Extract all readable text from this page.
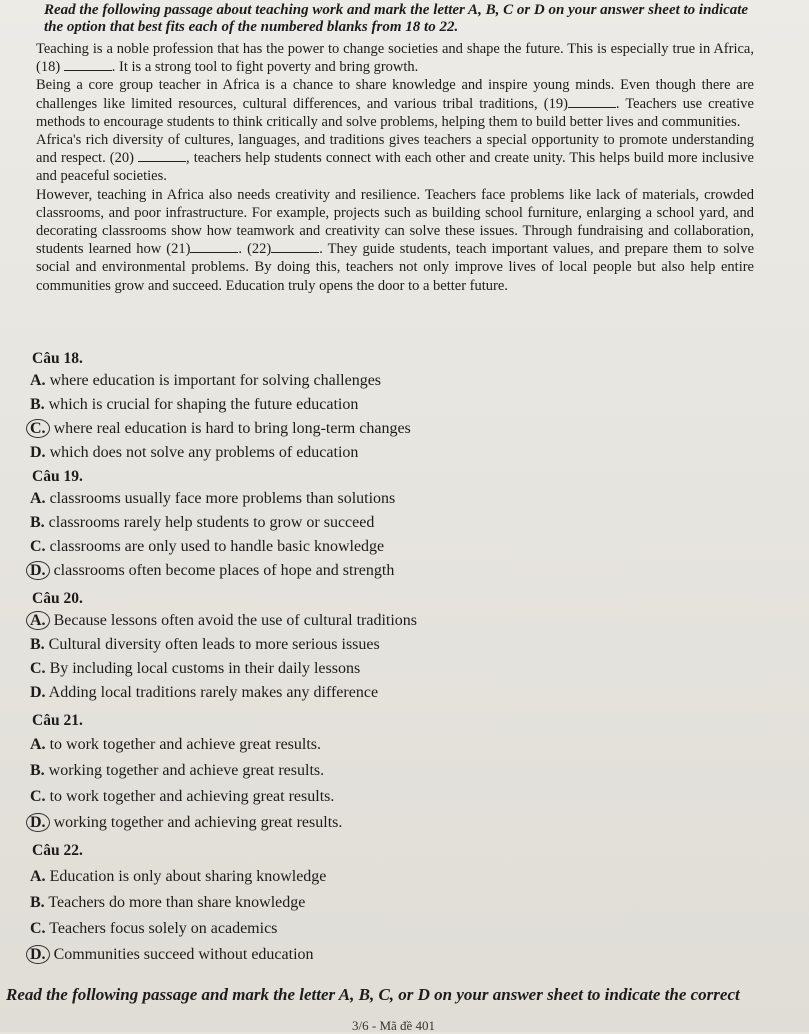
Read the following passage about teaching work and mark the letter A, B, C or D on your answer sheet to indicate the option that best fits each of the numbered blanks from 18 to 22.

Teaching is a noble profession that has the power to change societies and shape the future. This is especially true in Africa, (18)	. It is a strong tool to fight poverty and bring growth.

Being a core group teacher in Africa is a chance to share knowledge and inspire young minds. Even though there are challenges like limited resources, cultural differences, and various tribal traditions, (19)	. Teachers use creative methods to encourage students to think critically and solve problems, helping them to build better lives and communities.

Africa's rich diversity of cultures, languages, and traditions gives teachers a special opportunity to promote understanding and respect. (20)	, teachers help students connect with each other and create unity. This helps build more inclusive and peaceful societies.

However, teaching in Africa also needs creativity and resilience. Teachers face problems like lack of materials, crowded classrooms, and poor infrastructure. For example, projects such as building school furniture, enlarging a school yard, and decorating classrooms show how teamwork and creativity can solve these issues. Through fundraising and collaboration, students learned how (21)	. (22)	. They guide students, teach important values, and prepare them to solve social and environmental problems. By doing this, teachers not only improve lives of local people but also help entire communities grow and succeed. Education truly opens the door to a better future.

Câu 18.
A. where education is important for solving challenges
B. which is crucial for shaping the future education
C. where real education is hard to bring long-term changes
D. which does not solve any problems of education
Câu 19.
A. classrooms usually face more problems than solutions
B. classrooms rarely help students to grow or succeed
C. classrooms are only used to handle basic knowledge
D. classrooms often become places of hope and strength
Câu 20.
A. Because lessons often avoid the use of cultural traditions
B. Cultural diversity often leads to more serious issues
C. By including local customs in their daily lessons
D. Adding local traditions rarely makes any difference
Câu 21.
A. to work together and achieve great results.
B. working together and achieve great results.
C. to work together and achieving great results.
D. working together and achieving great results.
Câu 22.
A. Education is only about sharing knowledge
B. Teachers do more than share knowledge
C. Teachers focus solely on academics
D. Communities succeed without education
Read the following passage and mark the letter A, B, C, or D on your answer sheet to indicate the correct
3/6 - Mã đề 401
